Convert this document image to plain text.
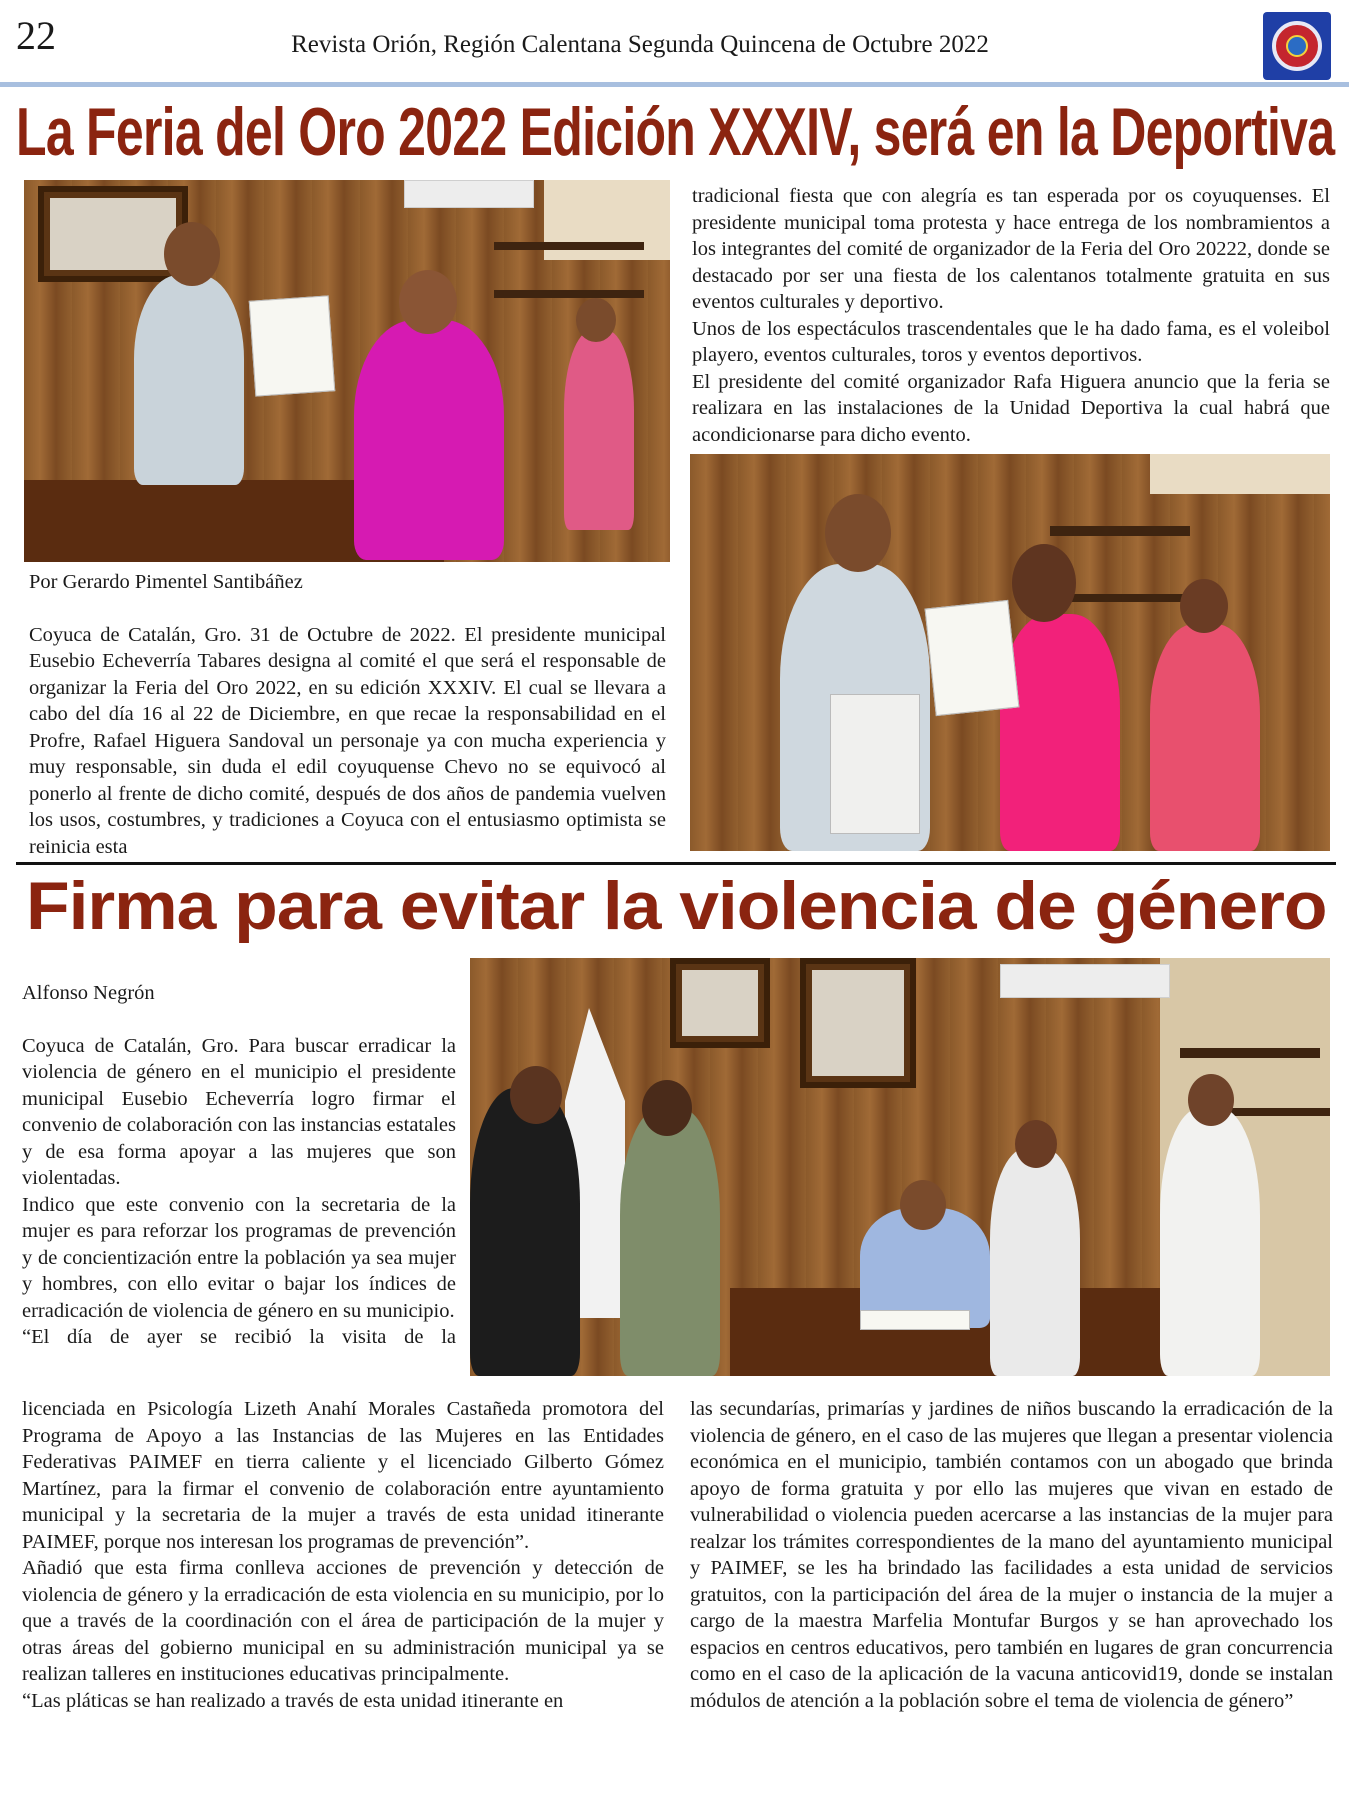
22	Revista Orión, Región Calentana Segunda Quincena de Octubre 2022
La Feria del Oro 2022 Edición XXXIV, será en la Deportiva

Por Gerardo Pimentel Santibáñez

Coyuca de Catalán, Gro. 31 de Octubre de 2022. El presidente municipal Eusebio Echeverría Tabares designa al comité el que será el responsable de organizar la Feria del Oro 2022, en su edición XXXIV. El cual se llevara a cabo del día 16 al 22 de Diciembre, en que recae la responsabilidad en el Profre, Rafael Higuera Sandoval un personaje ya con mucha experiencia y muy responsable, sin duda el edil coyuquense Chevo no se equivocó al ponerlo al frente de dicho comité, después de dos años de pandemia vuelven los usos, costumbres, y tradiciones a Coyuca con el entusiasmo optimista se reinicia esta

tradicional fiesta que con alegría es tan esperada por os coyuquenses. El presidente municipal toma protesta y hace entrega de los nombramientos a los integrantes del comité de organizador de la Feria del Oro 20222, donde se destacado por ser una fiesta de los calentanos totalmente gratuita en sus eventos culturales y deportivo.

Unos de los espectáculos trascendentales que le ha dado fama, es el voleibol playero, eventos culturales, toros y eventos deportivos.

El presidente del comité organizador Rafa Higuera anuncio que la feria se realizara en las instalaciones de la Unidad Deportiva la cual habrá que acondicionarse para dicho evento.

Firma para evitar la violencia de género

Alfonso Negrón

Coyuca de Catalán, Gro. Para buscar erradicar la violencia de género en el municipio el presidente municipal Eusebio Echeverría logro firmar el convenio de colaboración con las instancias estatales y de esa forma apoyar a las mujeres que son violentadas.

Indico que este convenio con la secretaria de la mujer es para reforzar los programas de prevención y de concientización entre la población ya sea mujer y hombres, con ello evitar o bajar los índices de erradicación de violencia de género en su municipio.

“El día de ayer se recibió la visita de la

licenciada en Psicología Lizeth Anahí Morales Castañeda promotora del Programa de Apoyo a las Instancias de las Mujeres en las Entidades Federativas PAIMEF en tierra caliente y el licenciado Gilberto Gómez Martínez, para la firmar el convenio de colaboración entre ayuntamiento municipal y la secretaria de la mujer a través de esta unidad itinerante PAIMEF, porque nos interesan los programas de prevención”.

Añadió que esta firma conlleva acciones de prevención y detección de violencia de género y la erradicación de esta violencia en su municipio, por lo que a través de la coordinación con el área de participación de la mujer y otras áreas del gobierno municipal en su administración municipal ya se realizan talleres en instituciones educativas principalmente.

“Las pláticas se han realizado a través de esta unidad itinerante en

las secundarías, primarías y jardines de niños buscando la erradicación de la violencia de género, en el caso de las mujeres que llegan a presentar violencia económica en el municipio, también contamos con un abogado que brinda apoyo de forma gratuita y por ello las mujeres que vivan en estado de vulnerabilidad o violencia pueden acercarse a las instancias de la mujer para realzar los trámites correspondientes de la mano del ayuntamiento municipal y PAIMEF, se les ha brindado las facilidades a esta unidad de servicios gratuitos, con la participación del área de la mujer o instancia de la mujer a cargo de la maestra Marfelia Montufar Burgos y se han aprovechado los espacios en centros educativos, pero también en lugares de gran concurrencia como en el caso de la aplicación de la vacuna anticovid19, donde se instalan módulos de atención a la población sobre el tema de violencia de género”
